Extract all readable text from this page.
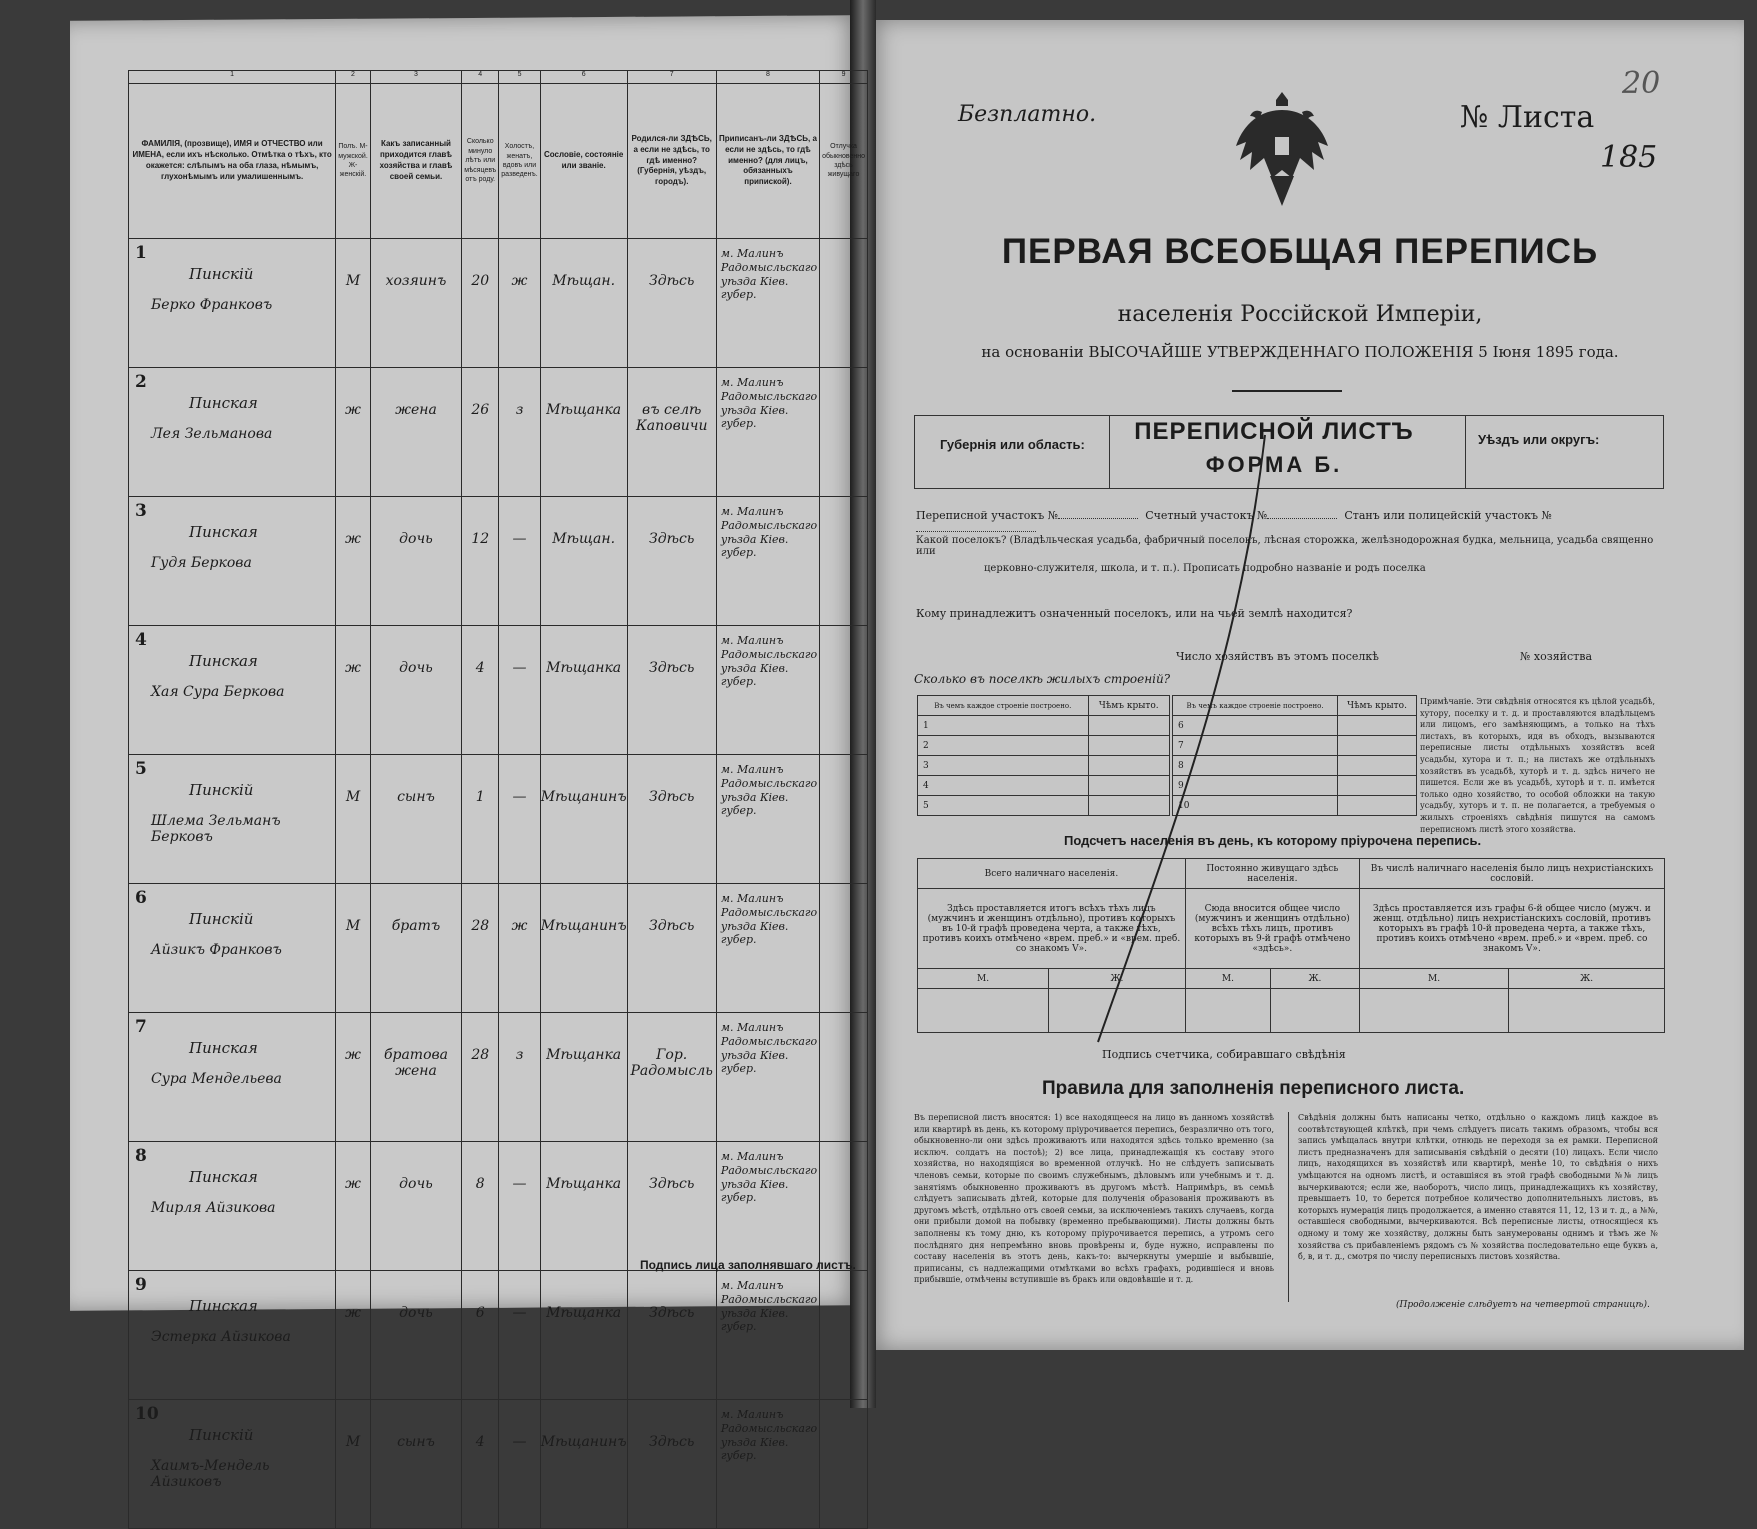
1	2	3	4	5	6	7	8	9
ФАМИЛІЯ, (прозвище), ИМЯ и ОТЧЕСТВО или ИМЕНА, если ихъ нѣсколько. Отмѣтка о тѣхъ, кто окажется: слѣпымъ на оба глаза, нѣмымъ, глухонѣмымъ или умалишеннымъ.	Полъ. М-мужской. Ж-женскій.	Какъ записанный приходится главѣ хозяйства и главѣ своей семьи.	Сколько минуло лѣтъ или мѣсяцевъ отъ роду.	Холостъ, женатъ, вдовъ или разведенъ.	Сословіе, состояніе или званіе.	Родился-ли ЗДѢСЬ, а если не здѣсь, то гдѣ именно? (Губернія, уѣздъ, городъ).	Приписанъ-ли ЗДѢСЬ, а если не здѣсь, то гдѣ именно? (для лицъ, обязанныхъ припиской).	Отлучка обыкновенно здѣсь живущаго

1
Пинскій
Берко Франковъ	М	хозяинъ	20	ж	Мѣщан.	Здѣсь	м. Малинъ Радомысльскаго уѣзда Кіев. губер.	

2
Пинская
Лея Зельманова	ж	жена	26	з	Мѣщанка	въ селѣ Каповичи	м. Малинъ Радомысльскаго уѣзда Кіев. губер.	

3
Пинская
Гудя Беркова	ж	дочь	12	—	Мѣщан.	Здѣсь	м. Малинъ Радомысльскаго уѣзда Кіев. губер.	

4
Пинская
Хая Сура Беркова	ж	дочь	4	—	Мѣщанка	Здѣсь	м. Малинъ Радомысльскаго уѣзда Кіев. губер.	

5
Пинскій
Шлема Зельманъ Берковъ	М	сынъ	1	—	Мѣщанинъ	Здѣсь	м. Малинъ Радомысльскаго уѣзда Кіев. губер.	

6
Пинскій
Айзикъ Франковъ	М	братъ	28	ж	Мѣщанинъ	Здѣсь	м. Малинъ Радомысльскаго уѣзда Кіев. губер.	

7
Пинская
Сура Мендельева	ж	братова жена	28	з	Мѣщанка	Гор. Радомысль	м. Малинъ Радомысльскаго уѣзда Кіев. губер.	

8
Пинская
Мирля Айзикова	ж	дочь	8	—	Мѣщанка	Здѣсь	м. Малинъ Радомысльскаго уѣзда Кіев. губер.	

9
Пинская
Эстерка Айзикова	ж	дочь	6	—	Мѣщанка	Здѣсь	м. Малинъ Радомысльскаго уѣзда Кіев. губер.	

10
Пинскій
Хаимъ-Мендель Айзиковъ	М	сынъ	4	—	Мѣщанинъ	Здѣсь	м. Малинъ Радомысльскаго уѣзда Кіев. губер.	
Подпись лица заполнявшаго листъ.
Безплатно.
20
№ Листа
185
ПЕРВАЯ ВСЕОБЩАЯ ПЕРЕПИСЬ
населенія Россійской Имперіи,
на основаніи ВЫСОЧАЙШЕ УТВЕРЖДЕННАГО ПОЛОЖЕНІЯ 5 Іюня 1895 года.
Губернія или область:	Уѣздъ или округъ:
ПЕРЕПИСНОЙ ЛИСТЪ
ФОРМА Б.
Переписной участокъ №	Счетный участокъ №	Станъ или полицейскій участокъ №
Какой поселокъ? (Владѣльческая усадьба, фабричный поселокъ, лѣсная сторожка, желѣзнодорожная будка, мельница, усадьба священно или
церковно-служителя, школа, и т. п.). Прописать подробно названіе и родъ поселка
Кому принадлежитъ означенный поселокъ, или на чьей землѣ находится?
Число хозяйствъ въ этомъ поселкѣ	№ хозяйства
Сколько въ поселкѣ жилыхъ строеній?
Въ чемъ каждое строеніе построено.	Чѣмъ крыто.
1	
2	
3	
4	
5	
Въ чемъ каждое строеніе построено.	Чѣмъ крыто.
6	
7	
8	
9	
10	
Примѣчаніе. Эти свѣдѣнія относятся къ цѣлой усадьбѣ, хутору, поселку и т. д. и проставляются владѣльцемъ или лицомъ, его замѣняющимъ, а только на тѣхъ листахъ, въ которыхъ, идя въ обходъ, вызываются переписные листы отдѣльныхъ хозяйствъ всей усадьбы, хутора и т. п.; на листахъ же отдѣльныхъ хозяйствъ въ усадьбѣ, хуторѣ и т. д. здѣсь ничего не пишется. Если же въ усадьбѣ, хуторѣ и т. п. имѣется только одно хозяйство, то особой обложки на такую усадьбу, хуторъ и т. п. не полагается, а требуемыя о жилыхъ строеніяхъ свѣдѣнія пишутся на самомъ переписномъ листѣ этого хозяйства.
Подсчетъ населенія въ день, къ которому пріурочена перепись.
Всего наличнаго населенія.		Постоянно живущаго здѣсь населенія.		Въ числѣ наличнаго населенія было лицъ нехристіанскихъ сословій.	
Здѣсь проставляется итогъ всѣхъ тѣхъ лицъ (мужчинъ и женщинъ отдѣльно), противъ которыхъ въ 10-й графѣ проведена черта, а также тѣхъ, противъ коихъ отмѣчено «врем. преб.» и «врем. преб. со знакомъ V».		Сюда вносится общее число (мужчинъ и женщинъ отдѣльно) всѣхъ тѣхъ лицъ, противъ которыхъ въ 9-й графѣ отмѣчено «здѣсь».		Здѣсь проставляется изъ графы 6-й общее число (мужч. и женщ. отдѣльно) лицъ нехристіанскихъ сословій, противъ которыхъ въ графѣ 10-й проведена черта, а также тѣхъ, противъ коихъ отмѣчено «врем. преб.» и «врем. преб. со знакомъ V».	
М.	Ж.	М.	Ж.	М.	Ж.

Подпись счетчика, собиравшаго свѣдѣнія
Правила для заполненія переписного листа.
Въ переписной листъ вносятся: 1) все находящееся на лицо въ данномъ хозяйствѣ или квартирѣ въ день, къ которому пріурочивается перепись, безразлично отъ того, обыкновенно-ли они здѣсь проживаютъ или находятся здѣсь только временно (за исключ. солдатъ на постоѣ); 2) все лица, принадлежащія къ составу этого хозяйства, но находящіяся во временной отлучкѣ. Но не слѣдуетъ записывать членовъ семьи, которые по своимъ служебнымъ, дѣловымъ или учебнымъ и т. д. занятіямъ обыкновенно проживаютъ въ другомъ мѣстѣ. Напримѣръ, въ семьѣ слѣдуетъ записывать дѣтей, которые для полученія образованія проживаютъ въ другомъ мѣстѣ, отдѣльно отъ своей семьи, за исключеніемъ такихъ случаевъ, когда они прибыли домой на побывку (временно пребывающими). Листы должны быть заполнены къ тому дню, къ которому пріурочивается перепись, а утромъ сего послѣдняго дня непремѣнно вновь провѣрены и, буде нужно, исправлены по составу населенія въ этотъ день, какъ-то: вычеркнуты умершіе и выбывшіе, приписаны, съ надлежащими отмѣтками во всѣхъ графахъ, родившіеся и вновь прибывшіе, отмѣчены вступившіе въ бракъ или овдовѣвшіе и т. д.
Свѣдѣнія должны быть написаны четко, отдѣльно о каждомъ лицѣ каждое въ соотвѣтствующей клѣткѣ, при чемъ слѣдуетъ писать такимъ образомъ, чтобы вся запись умѣщалась внутри клѣтки, отнюдь не переходя за ея рамки. Переписной листъ предназначенъ для записыванія свѣдѣній о десяти (10) лицахъ. Если число лицъ, находящихся въ хозяйствѣ или квартирѣ, менѣе 10, то свѣдѣнія о нихъ умѣщаются на одномъ листѣ, и оставшіяся въ этой графѣ свободными №№ лицъ вычеркиваются; если же, наоборотъ, число лицъ, принадлежащихъ къ хозяйству, превышаетъ 10, то берется потребное количество дополнительныхъ листовъ, въ которыхъ нумерація лицъ продолжается, а именно ставятся 11, 12, 13 и т. д., а №№, оставшіеся свободными, вычеркиваются. Всѣ переписные листы, относящіеся къ одному и тому же хозяйству, должны быть занумерованы однимъ и тѣмъ же № хозяйства съ прибавленіемъ рядомъ съ № хозяйства последовательно еще буквъ а, б, в, и т. д., смотря по числу переписныхъ листовъ хозяйства.
(Продолженіе слѣдуетъ на четвертой страницѣ).
